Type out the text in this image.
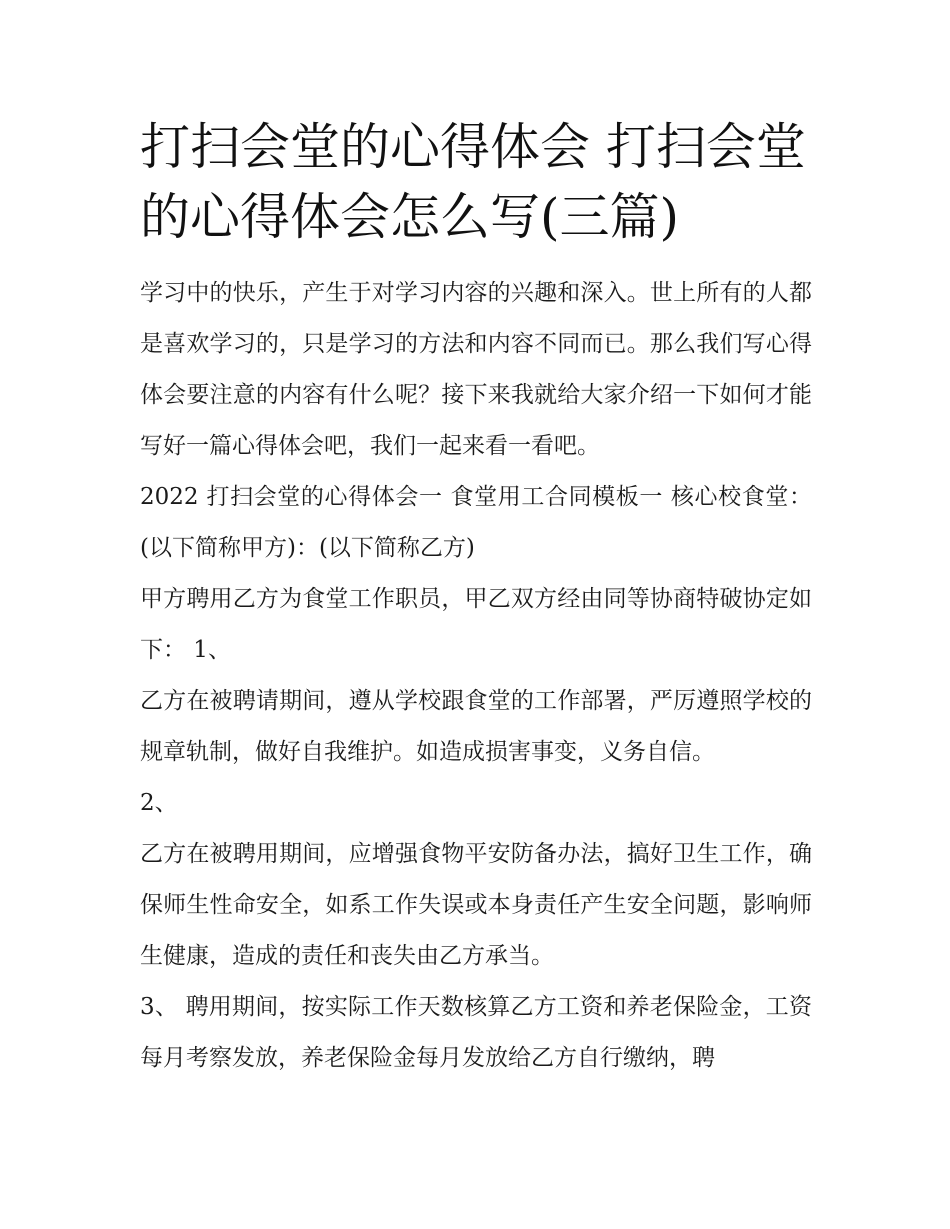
打扫会堂的心得体会 打扫会堂的心得体会怎么写(三篇)

学习中的快乐，产生于对学习内容的兴趣和深入。世上所有的人都是喜欢学习的，只是学习的方法和内容不同而已。那么我们写心得体会要注意的内容有什么呢？接下来我就给大家介绍一下如何才能写好一篇心得体会吧，我们一起来看一看吧。

2022 打扫会堂的心得体会一 食堂用工合同模板一 核心校食堂：(以下简称甲方)：(以下简称乙方)

甲方聘用乙方为食堂工作职员，甲乙双方经由同等协商特破协定如下： 1、

乙方在被聘请期间，遵从学校跟食堂的工作部署，严厉遵照学校的规章轨制，做好自我维护。如造成损害事变，义务自信。

2、

乙方在被聘用期间，应增强食物平安防备办法，搞好卫生工作，确保师生性命安全，如系工作失误或本身责任产生安全问题，影响师生健康，造成的责任和丧失由乙方承当。

3、 聘用期间，按实际工作天数核算乙方工资和养老保险金，工资每月考察发放，养老保险金每月发放给乙方自行缴纳，聘
